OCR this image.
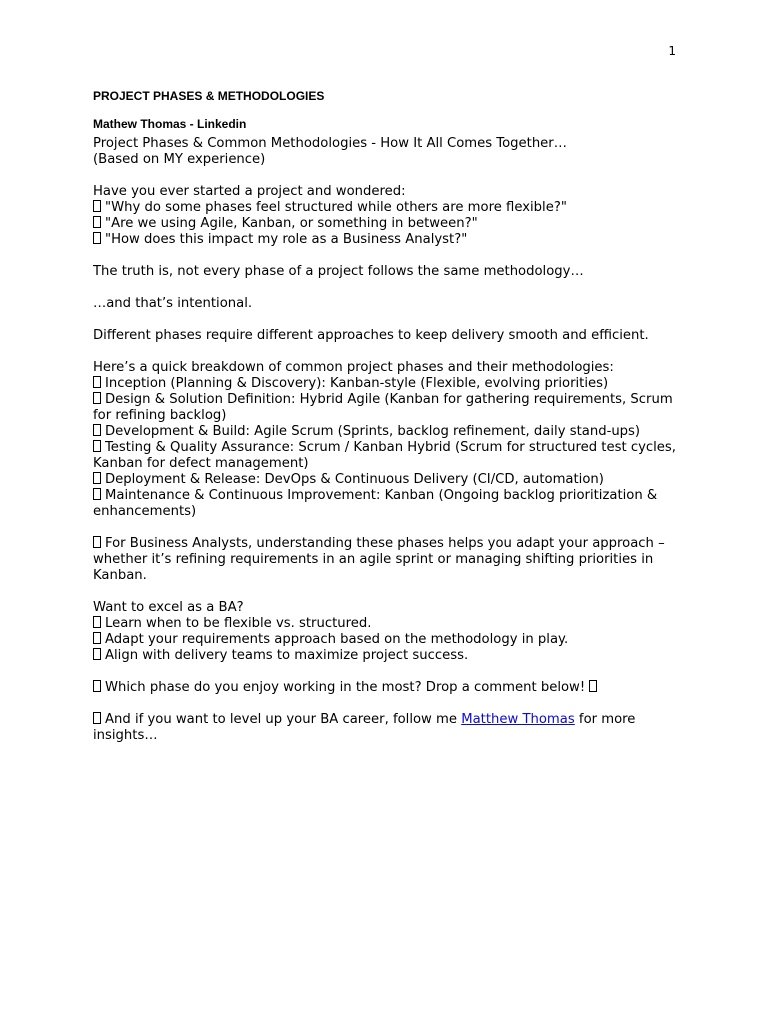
1

PROJECT PHASES & METHODOLOGIES

Mathew Thomas - Linkedin

Project Phases & Common Methodologies - How It All Comes Together…
(Based on MY experience)

Have you ever started a project and wondered:
"Why do some phases feel structured while others are more flexible?"
"Are we using Agile, Kanban, or something in between?"
"How does this impact my role as a Business Analyst?"

The truth is, not every phase of a project follows the same methodology…

…and that’s intentional.

Different phases require different approaches to keep delivery smooth and efficient.

Here’s a quick breakdown of common project phases and their methodologies:
Inception (Planning & Discovery): Kanban-style (Flexible, evolving priorities)
Design & Solution Definition: Hybrid Agile (Kanban for gathering requirements, Scrum for refining backlog)
Development & Build: Agile Scrum (Sprints, backlog refinement, daily stand-ups)
Testing & Quality Assurance: Scrum / Kanban Hybrid (Scrum for structured test cycles, Kanban for defect management)
Deployment & Release: DevOps & Continuous Delivery (CI/CD, automation)
Maintenance & Continuous Improvement: Kanban (Ongoing backlog prioritization & enhancements)

For Business Analysts, understanding these phases helps you adapt your approach – whether it’s refining requirements in an agile sprint or managing shifting priorities in Kanban.

Want to excel as a BA?
Learn when to be flexible vs. structured.
Adapt your requirements approach based on the methodology in play.
Align with delivery teams to maximize project success.

Which phase do you enjoy working in the most? Drop a comment below!

And if you want to level up your BA career, follow me Matthew Thomas for more insights…
